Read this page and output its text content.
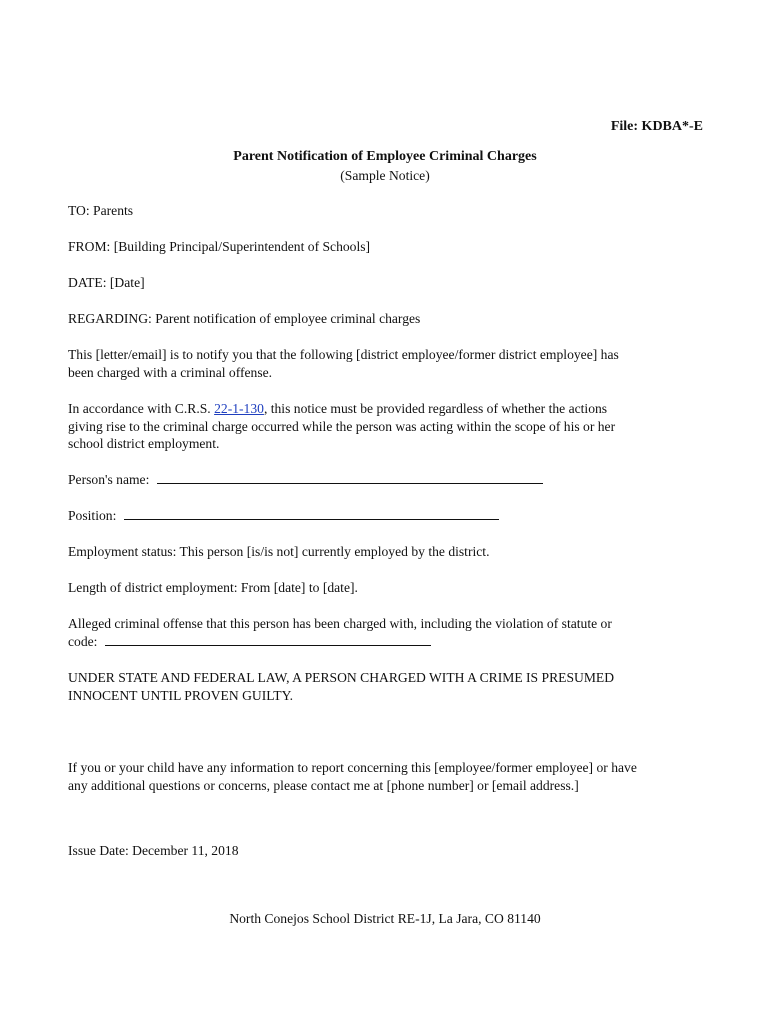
File: KDBA*-E
Parent Notification of Employee Criminal Charges
(Sample Notice)
TO: Parents
FROM: [Building Principal/Superintendent of Schools]
DATE: [Date]
REGARDING: Parent notification of employee criminal charges
This [letter/email] is to notify you that the following [district employee/former district employee] has
been charged with a criminal offense.
In accordance with C.R.S. 22-1-130, this notice must be provided regardless of whether the actions
giving rise to the criminal charge occurred while the person was acting within the scope of his or her
school district employment.
Person's name:
Position:
Employment status: This person [is/is not] currently employed by the district.
Length of district employment: From [date] to [date].
Alleged criminal offense that this person has been charged with, including the violation of statute or
code:
UNDER STATE AND FEDERAL LAW, A PERSON CHARGED WITH A CRIME IS PRESUMED
INNOCENT UNTIL PROVEN GUILTY.
If you or your child have any information to report concerning this [employee/former employee] or have
any additional questions or concerns, please contact me at [phone number] or [email address.]
Issue Date: December 11, 2018
North Conejos School District RE-1J, La Jara, CO 81140
